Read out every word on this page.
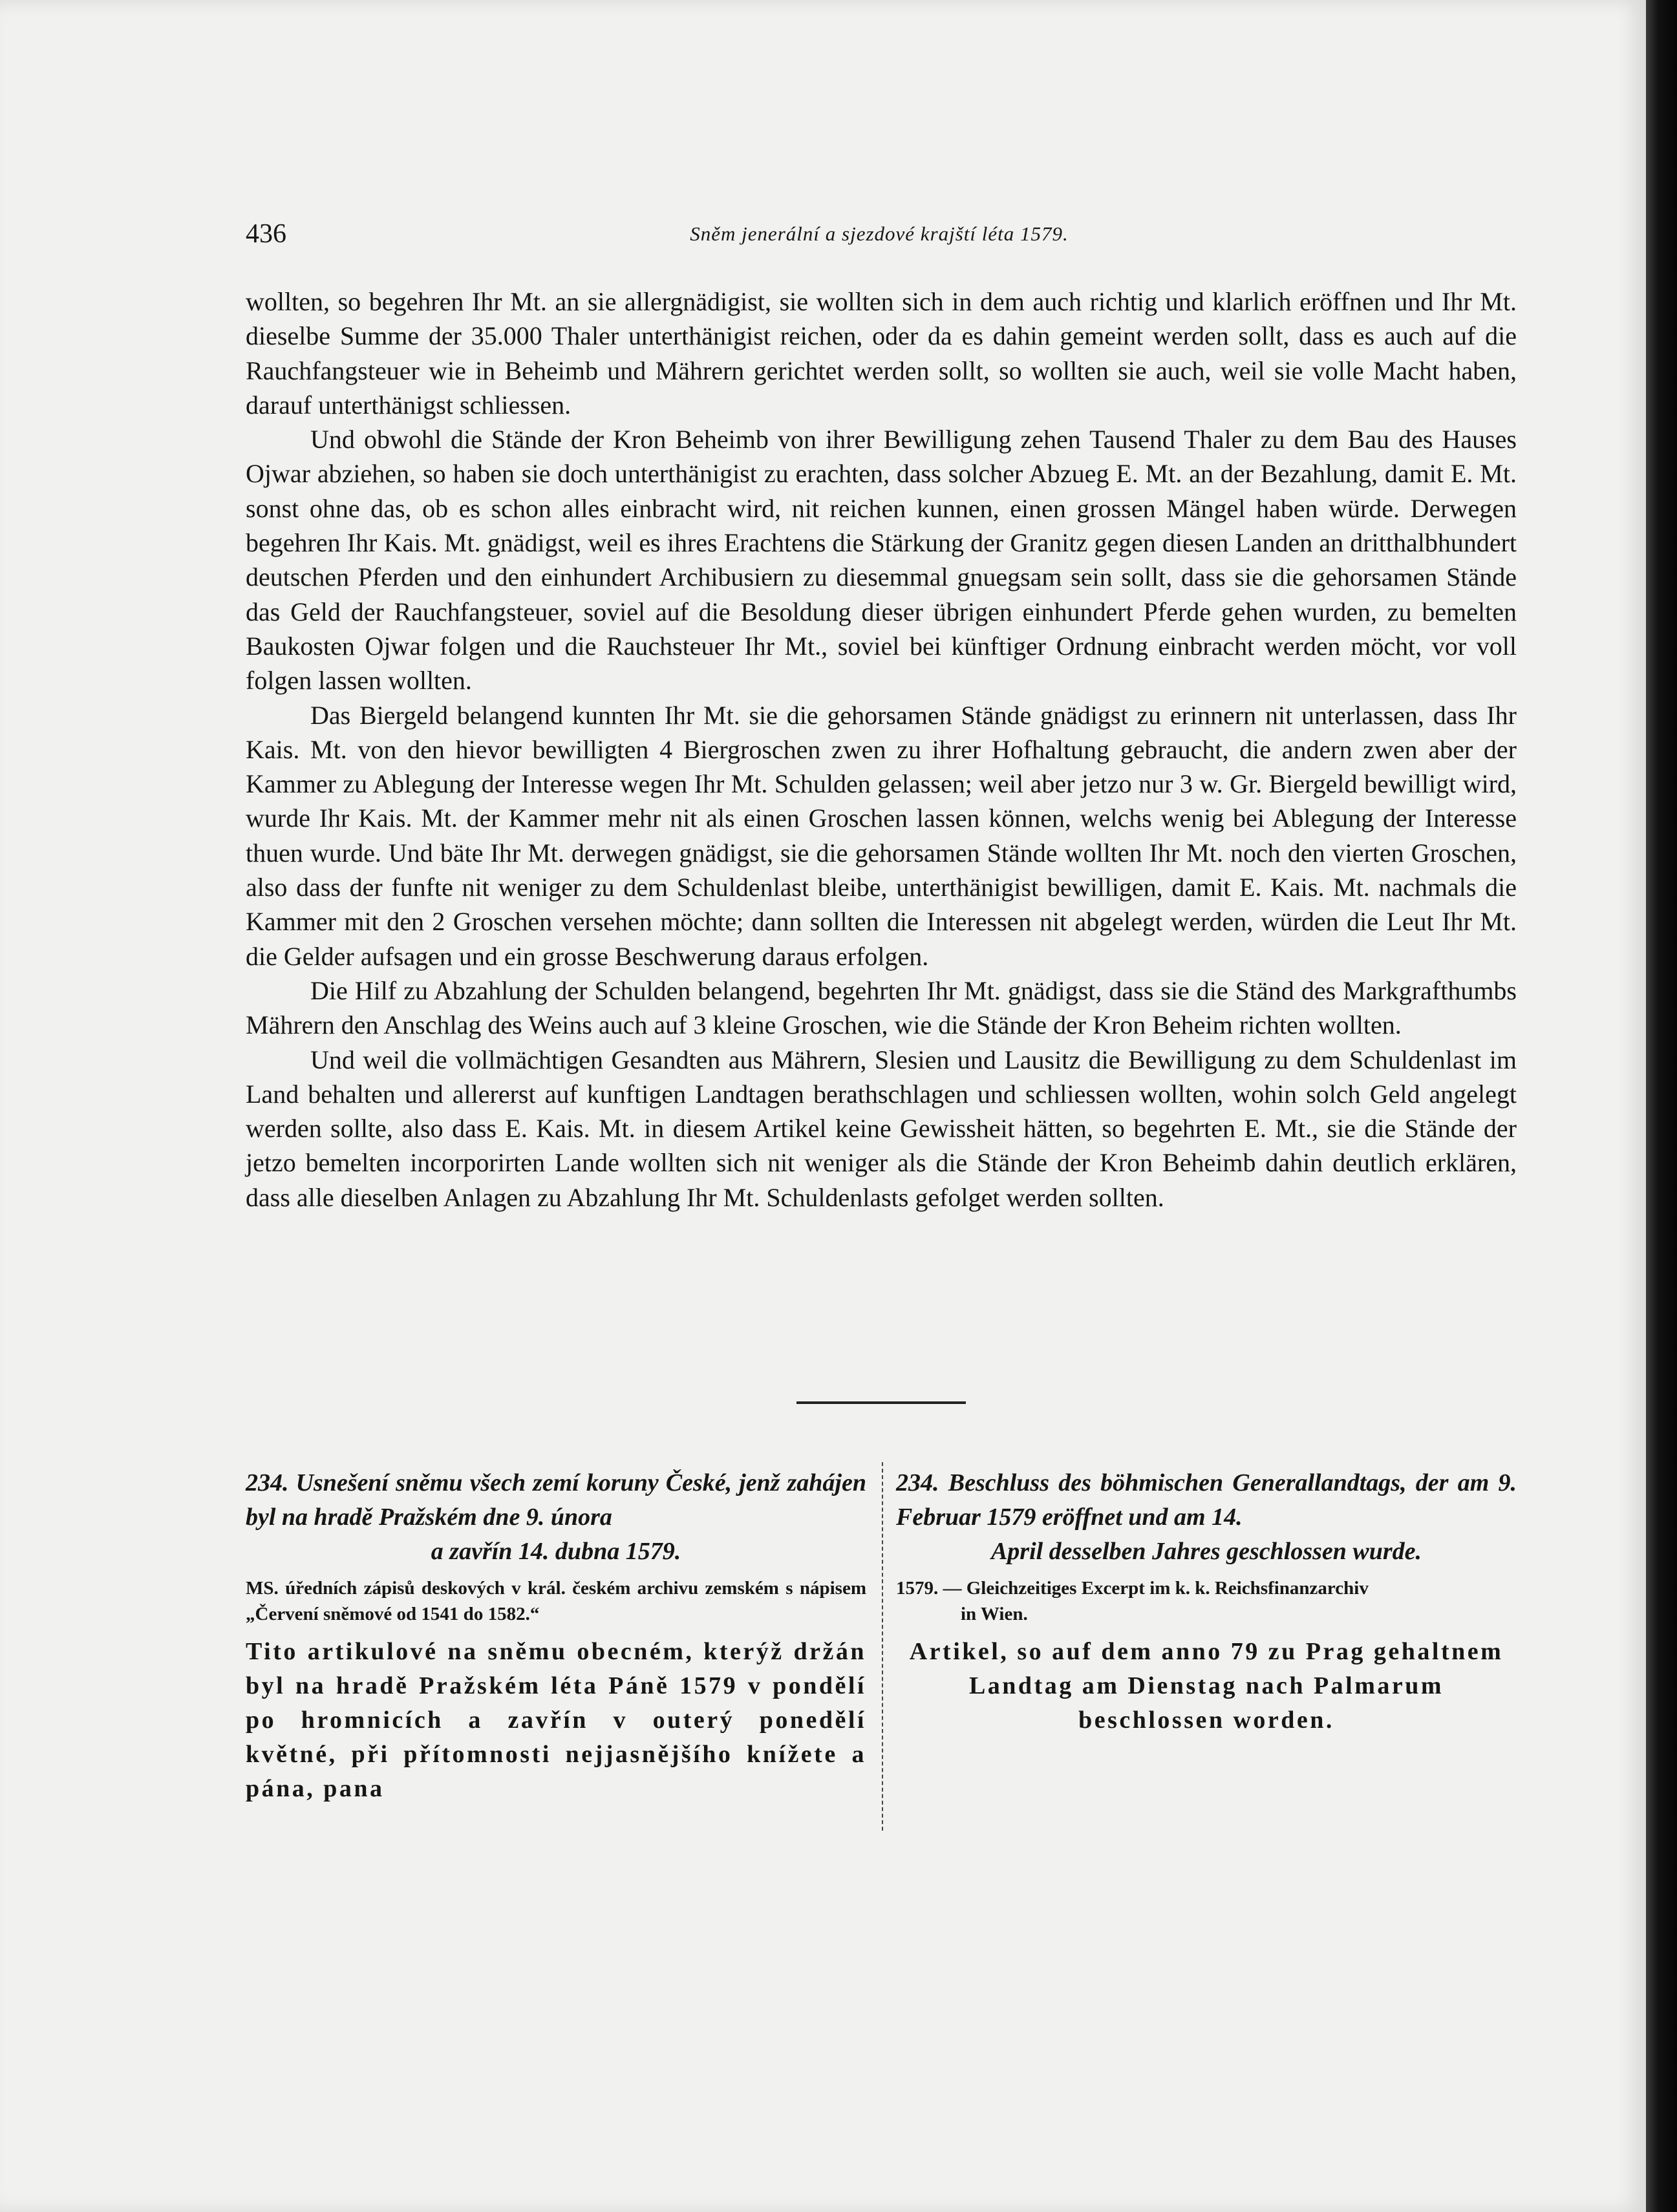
436	Sněm jenerální a sjezdové krajští léta 1579.

wollten, so begehren Ihr Mt. an sie allergnädigist, sie wollten sich in dem auch richtig und klarlich eröffnen und Ihr Mt. dieselbe Summe der 35.000 Thaler unterthänigist reichen, oder da es dahin gemeint werden sollt, dass es auch auf die Rauchfangsteuer wie in Beheimb und Mährern gerichtet werden sollt, so wollten sie auch, weil sie volle Macht haben, darauf unterthänigst schliessen.

Und obwohl die Stände der Kron Beheimb von ihrer Bewilligung zehen Tausend Thaler zu dem Bau des Hauses Ojwar abziehen, so haben sie doch unterthänigist zu erachten, dass solcher Abzueg E. Mt. an der Bezahlung, damit E. Mt. sonst ohne das, ob es schon alles einbracht wird, nit reichen kunnen, einen grossen Mängel haben würde. Derwegen begehren Ihr Kais. Mt. gnädigst, weil es ihres Erachtens die Stärkung der Granitz gegen diesen Landen an dritthalbhundert deutschen Pferden und den einhundert Archibusiern zu diesemmal gnuegsam sein sollt, dass sie die gehorsamen Stände das Geld der Rauchfangsteuer, soviel auf die Besoldung dieser übrigen einhundert Pferde gehen wurden, zu bemelten Baukosten Ojwar folgen und die Rauchsteuer Ihr Mt., soviel bei künftiger Ordnung einbracht werden möcht, vor voll folgen lassen wollten.

Das Biergeld belangend kunnten Ihr Mt. sie die gehorsamen Stände gnädigst zu erinnern nit unterlassen, dass Ihr Kais. Mt. von den hievor bewilligten 4 Biergroschen zwen zu ihrer Hofhaltung gebraucht, die andern zwen aber der Kammer zu Ablegung der Interesse wegen Ihr Mt. Schulden gelassen; weil aber jetzo nur 3 w. Gr. Biergeld bewilligt wird, wurde Ihr Kais. Mt. der Kammer mehr nit als einen Groschen lassen können, welchs wenig bei Ablegung der Interesse thuen wurde. Und bäte Ihr Mt. derwegen gnädigst, sie die gehorsamen Stände wollten Ihr Mt. noch den vierten Groschen, also dass der funfte nit weniger zu dem Schuldenlast bleibe, unterthänigist bewilligen, damit E. Kais. Mt. nachmals die Kammer mit den 2 Groschen versehen möchte; dann sollten die Interessen nit abgelegt werden, würden die Leut Ihr Mt. die Gelder aufsagen und ein grosse Beschwerung daraus erfolgen.

Die Hilf zu Abzahlung der Schulden belangend, begehrten Ihr Mt. gnädigst, dass sie die Ständ des Markgrafthumbs Mährern den Anschlag des Weins auch auf 3 kleine Groschen, wie die Stände der Kron Beheim richten wollten.

Und weil die vollmächtigen Gesandten aus Mährern, Slesien und Lausitz die Bewilligung zu dem Schuldenlast im Land behalten und allererst auf kunftigen Landtagen berathschlagen und schliessen wollten, wohin solch Geld angelegt werden sollte, also dass E. Kais. Mt. in diesem Artikel keine Gewissheit hätten, so begehrten E. Mt., sie die Stände der jetzo bemelten incorporirten Lande wollten sich nit weniger als die Stände der Kron Beheimb dahin deutlich erklären, dass alle dieselben Anlagen zu Abzahlung Ihr Mt. Schuldenlasts gefolget werden sollten.

234. Usnešení sněmu všech zemí koruny České, jenž zahájen byl na hradě Pražském dne 9. února
a zavřín 14. dubna 1579.

MS. úředních zápisů deskových v král. českém archivu zemském s nápisem „Červení sněmové od 1541 do 1582.“

Tito artikulové na sněmu obecném, kterýž držán byl na hradě Pražském léta Páně 1579 v pondělí po hromnicích a zavřín v outerý ponedělí květné, při přítomnosti nejjasnějšího knížete a pána, pana

234. Beschluss des böhmischen Generallandtags, der am 9. Februar 1579 eröffnet und am 14.
April desselben Jahres geschlossen wurde.

1579. — Gleichzeitiges Excerpt im k. k. Reichsfinanzarchiv
in Wien.

Artikel, so auf dem anno 79 zu Prag gehaltnem Landtag am Dienstag nach Palmarum beschlossen worden.
